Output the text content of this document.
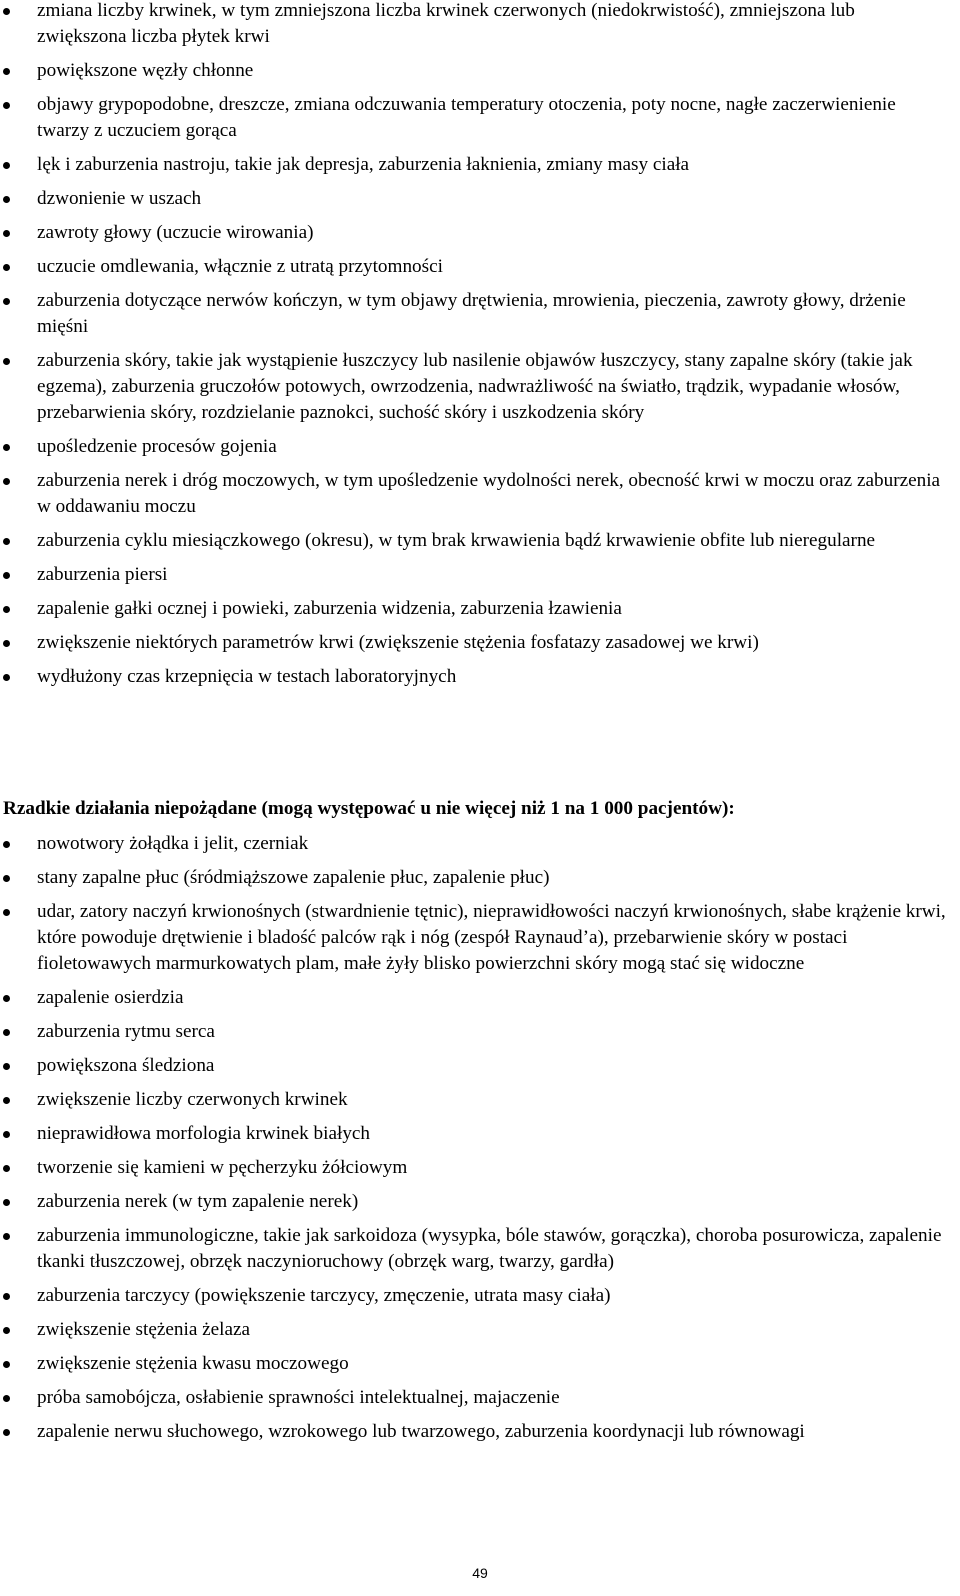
zmiana liczby krwinek, w tym zmniejszona liczba krwinek czerwonych (niedokrwistość), zmniejszona lub zwiększona liczba płytek krwi
powiększone węzły chłonne
objawy grypopodobne, dreszcze, zmiana odczuwania temperatury otoczenia, poty nocne, nagłe zaczerwienienie twarzy z uczuciem gorąca
lęk i zaburzenia nastroju, takie jak depresja, zaburzenia łaknienia, zmiany masy ciała
dzwonienie w uszach
zawroty głowy (uczucie wirowania)
uczucie omdlewania, włącznie z utratą przytomności
zaburzenia dotyczące nerwów kończyn, w tym objawy drętwienia, mrowienia, pieczenia, zawroty głowy, drżenie mięśni
zaburzenia skóry, takie jak wystąpienie łuszczycy lub nasilenie objawów łuszczycy, stany zapalne skóry (takie jak egzema), zaburzenia gruczołów potowych, owrzodzenia, nadwrażliwość na światło, trądzik, wypadanie włosów, przebarwienia skóry, rozdzielanie paznokci, suchość skóry i uszkodzenia skóry
upośledzenie procesów gojenia
zaburzenia nerek i dróg moczowych, w tym upośledzenie wydolności nerek, obecność krwi w moczu oraz zaburzenia w oddawaniu moczu
zaburzenia cyklu miesiączkowego (okresu), w tym brak krwawienia bądź krwawienie obfite lub nieregularne
zaburzenia piersi
zapalenie gałki ocznej i powieki, zaburzenia widzenia, zaburzenia łzawienia
zwiększenie niektórych parametrów krwi (zwiększenie stężenia fosfatazy zasadowej we krwi)
wydłużony czas krzepnięcia w testach laboratoryjnych
Rzadkie działania niepożądane (mogą występować u nie więcej niż 1 na 1 000 pacjentów):
nowotwory żołądka i jelit, czerniak
stany zapalne płuc (śródmiąższowe zapalenie płuc, zapalenie płuc)
udar, zatory naczyń krwionośnych (stwardnienie tętnic), nieprawidłowości naczyń krwionośnych, słabe krążenie krwi, które powoduje drętwienie i bladość palców rąk i nóg (zespół Raynaud’a), przebarwienie skóry w postaci fioletowawych marmurkowatych plam, małe żyły blisko powierzchni skóry mogą stać się widoczne
zapalenie osierdzia
zaburzenia rytmu serca
powiększona śledziona
zwiększenie liczby czerwonych krwinek
nieprawidłowa morfologia krwinek białych
tworzenie się kamieni w pęcherzyku żółciowym
zaburzenia nerek (w tym zapalenie nerek)
zaburzenia immunologiczne, takie jak sarkoidoza (wysypka, bóle stawów, gorączka), choroba posurowicza, zapalenie tkanki tłuszczowej, obrzęk naczynioruchowy (obrzęk warg, twarzy, gardła)
zaburzenia tarczycy (powiększenie tarczycy, zmęczenie, utrata masy ciała)
zwiększenie stężenia żelaza
zwiększenie stężenia kwasu moczowego
próba samobójcza, osłabienie sprawności intelektualnej, majaczenie
zapalenie nerwu słuchowego, wzrokowego lub twarzowego, zaburzenia koordynacji lub równowagi
49
